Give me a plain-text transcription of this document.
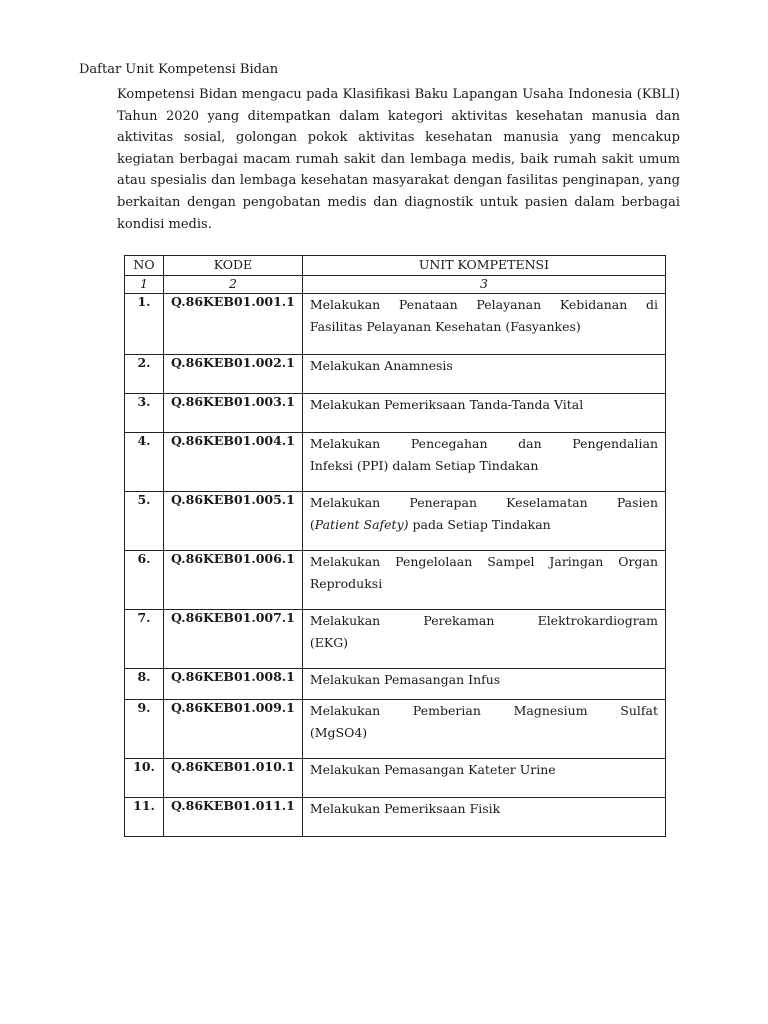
Daftar Unit Kompetensi Bidan
Kompetensi Bidan mengacu pada Klasifikasi Baku Lapangan Usaha Indonesia (KBLI) Tahun 2020 yang ditempatkan dalam kategori aktivitas kesehatan manusia dan aktivitas sosial, golongan pokok aktivitas kesehatan manusia yang mencakup kegiatan berbagai macam rumah sakit dan lembaga medis, baik rumah sakit umum atau spesialis dan lembaga kesehatan masyarakat dengan fasilitas penginapan, yang berkaitan dengan pengobatan medis dan diagnostik untuk pasien dalam berbagai kondisi medis.
NO	KODE	UNIT KOMPETENSI
1	2	3
1.	Q.86KEB01.001.1	Melakukan Penataan Pelayanan Kebidanan di
Fasilitas Pelayanan Kesehatan (Fasyankes)
2.	Q.86KEB01.002.1	Melakukan Anamnesis
3.	Q.86KEB01.003.1	Melakukan Pemeriksaan Tanda-Tanda Vital
4.	Q.86KEB01.004.1	Melakukan Pencegahan dan Pengendalian
Infeksi (PPI) dalam Setiap Tindakan
5.	Q.86KEB01.005.1	Melakukan Penerapan Keselamatan Pasien
(Patient Safety) pada Setiap Tindakan
6.	Q.86KEB01.006.1	Melakukan Pengelolaan Sampel Jaringan Organ
Reproduksi
7.	Q.86KEB01.007.1	Melakukan Perekaman Elektrokardiogram
(EKG)
8.	Q.86KEB01.008.1	Melakukan Pemasangan Infus
9.	Q.86KEB01.009.1	Melakukan Pemberian Magnesium Sulfat
(MgSO4)
10.	Q.86KEB01.010.1	Melakukan Pemasangan Kateter Urine
11.	Q.86KEB01.011.1	Melakukan Pemeriksaan Fisik
